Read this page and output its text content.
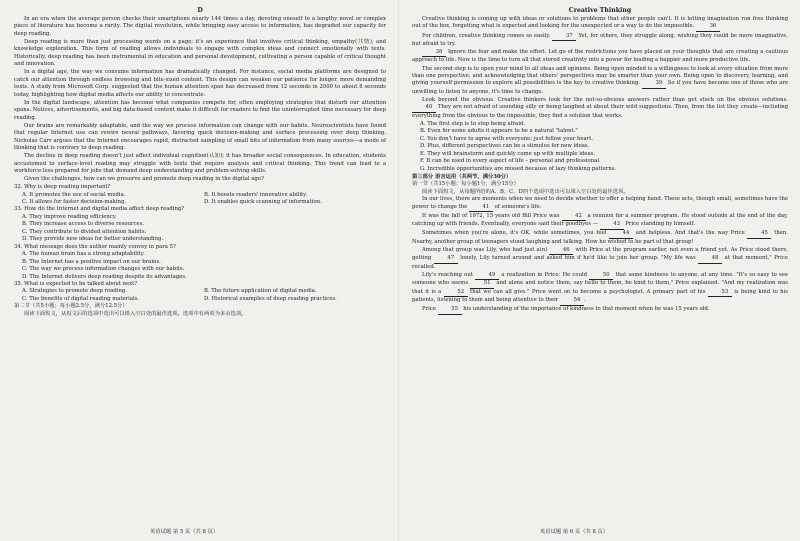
D

In an era when the average person checks their smartphone nearly 144 times a day, devoting oneself to a lengthy novel or complex piece of literature has become a rarity. The digital revolution, while bringing easy access to information, has degraded our capacity for deep reading.

Deep reading is more than just processing words on a page; it's an experience that involves critical thinking, empathy(共情), and knowledge exploration. This form of reading allows individuals to engage with complex ideas and connect emotionally with texts. Historically, deep reading has been instrumental in education and personal development, cultivating a person capable of critical thought and innovation.

In a digital age, the way we consume information has dramatically changed. For instance, social media platforms are designed to catch our attention through endless browsing and bite-sized content. This design can weaken our patience for longer, more demanding texts. A study from Microsoft Corp. suggested that the human attention span has decreased from 12 seconds in 2000 to about 8 seconds today, highlighting how digital media affects our ability to concentrate.

In the digital landscape, attention has become what companies compete for, often employing strategies that disturb our attention spans. Notices, advertisements, and big data-based content make it difficult for readers to find the uninterrupted time necessary for deep reading.

Our brains are remarkably adaptable, and the way we process information can change with our habits. Neuroscientists have found that regular Internet use can rewire neural pathways, favoring quick decision-making and surface processing over deep thinking. Nicholas Carr argues that the Internet encourages rapid, distracted sampling of small bits of information from many sources—a mode of thinking that is contrary to deep reading.

The decline in deep reading doesn't just affect individual cognition(认知); it has broader social consequences. In education, students accustomed to surface-level reading may struggle with texts that require analysis and critical thinking. This trend can lead to a workforce less prepared for jobs that demand deep understanding and problem-solving skills.

Given the challenges, how can we preserve and promote deep reading in the digital age?

32. Why is deep reading important?

A. It promotes the use of social media.	B. It boosts readers' innovative ability.
C. It allows for faster decision-making.	D. It enables quick scanning of information.

33. How do the Internet and digital media affect deep reading?

A. They improve reading efficiency.

B. They increase access to diverse resources.

C. They contribute to divided attention habits.

D. They provide new ideas for better understanding.

34. What message does the author mainly convey in para 5?

A. The human brain has a strong adaptability.

B. The Internet has a positive impact on our brains.

C. The way we process information changes with our habits.

D. The Internet delivers deep reading despite its advantages.

35. What is expected to be talked about next?

A. Strategies to promote deep reading.	B. The future application of digital media.
C. The benefits of digital reading materials.	D. Historical examples of deep reading practices.

第二节（共5小题；每小题2.5分，满分12.5分）

阅读下面短文，从短文后的选项中选出可以填入空白处的最佳选项。选项中有两项为多余选项。

英语试题 第 5 页（共 8 页）
Creative Thinking

Creative thinking is coming up with ideas or solutions to problems that other people can't. It is letting imagination run free thinking out of the box, forgetting what is expected and looking for the unexpected or a way to do the impossible.	36

For children, creative thinking comes so easily.	37 Yet, for others, they struggle along, wishing they could be more imaginative, but afraid to try.

38 Ignore the fear and make the effort. Let go of the restrictions you have placed on your thoughts that are creating a cautious approach to life. Now is the time to turn all that stored creativity into a power for leading a happier and more productive life.

The second step is to open your mind to all ideas and opinions. Being open minded is a willingness to look at every situation from more than one perspective, and acknowledging that others' perspectives may be smarter than your own. Being open to discovery, learning, and giving yourself permission to explore all possibilities is the key to creative thinking.	39 So if you have become one of those who are unwilling to listen to anyone, it's time to change.

Look beyond the obvious. Creative thinkers look for the not-so-obvious answers rather than get stuck on the obvious solutions. 40 They are not afraid of sounding silly or being laughed at about their wild suggestions. Then, from the list they create—including everything from the obvious to the impossible, they find a solution that works.

A. The first step is to stop being afraid.

B. Even for some adults it appears to be a natural "talent."

C. You don't have to agree with everyone; just follow your heart.

D. Plus, different perspectives can be a stimulus for new ideas.

E. They will brainstorm and quickly come up with multiple ideas.

F. It can be used in every aspect of life – personal and professional.

G. Incredible opportunities are missed because of lazy thinking patterns.

第三部分 语言运用（共两节，满分30分）

第一节（共15小题；每小题1分，满分15分）

阅读下面短文，从每题所给的A、B、C、D四个选项中选出可以填入空白处的最佳选项。

In our lives, there are moments when we need to decide whether to offer a helping hand. These acts, though small, sometimes have the power to change the	41 of someone's life.

It was the fall of 1972, 15 years old Bill Price was	42 a reunion for a summer program. He stood outside at the end of the day, catching up with friends. Eventually, everyone said their goodbyes —	43 Price standing by himself.

Sometimes when you're alone, it's OK, while sometimes, you feel	44 and helpless. And that's the way Price	45 then. Nearby, another group of teenagers stood laughing and talking. How he wished to be part of that group!

Among that group was Lily, who had just a(n)	46 with Price at the program earlier, not even a friend yet. As Price stood there, getting	47 lonely, Lily turned around and asked him if he'd like to join her group. "My life was	48 at that moment," Price recalled.

Lily's reaching out	49 a realization in Price: He could	50 that same kindness to anyone, at any time. "It's so easy to see someone who seems	51 and alone and notice them, say hello to them, be kind to them," Price explained. "And my realization was that it is a	52 that we can all give." Price went on to become a psychologist. A primary part of his	53 is being kind to his patients, listening to them and being attentive to their	54 .

Price	55 his understanding of the importance of kindness to that moment when he was 15 years old.

英语试题 第 6 页（共 8 页）
